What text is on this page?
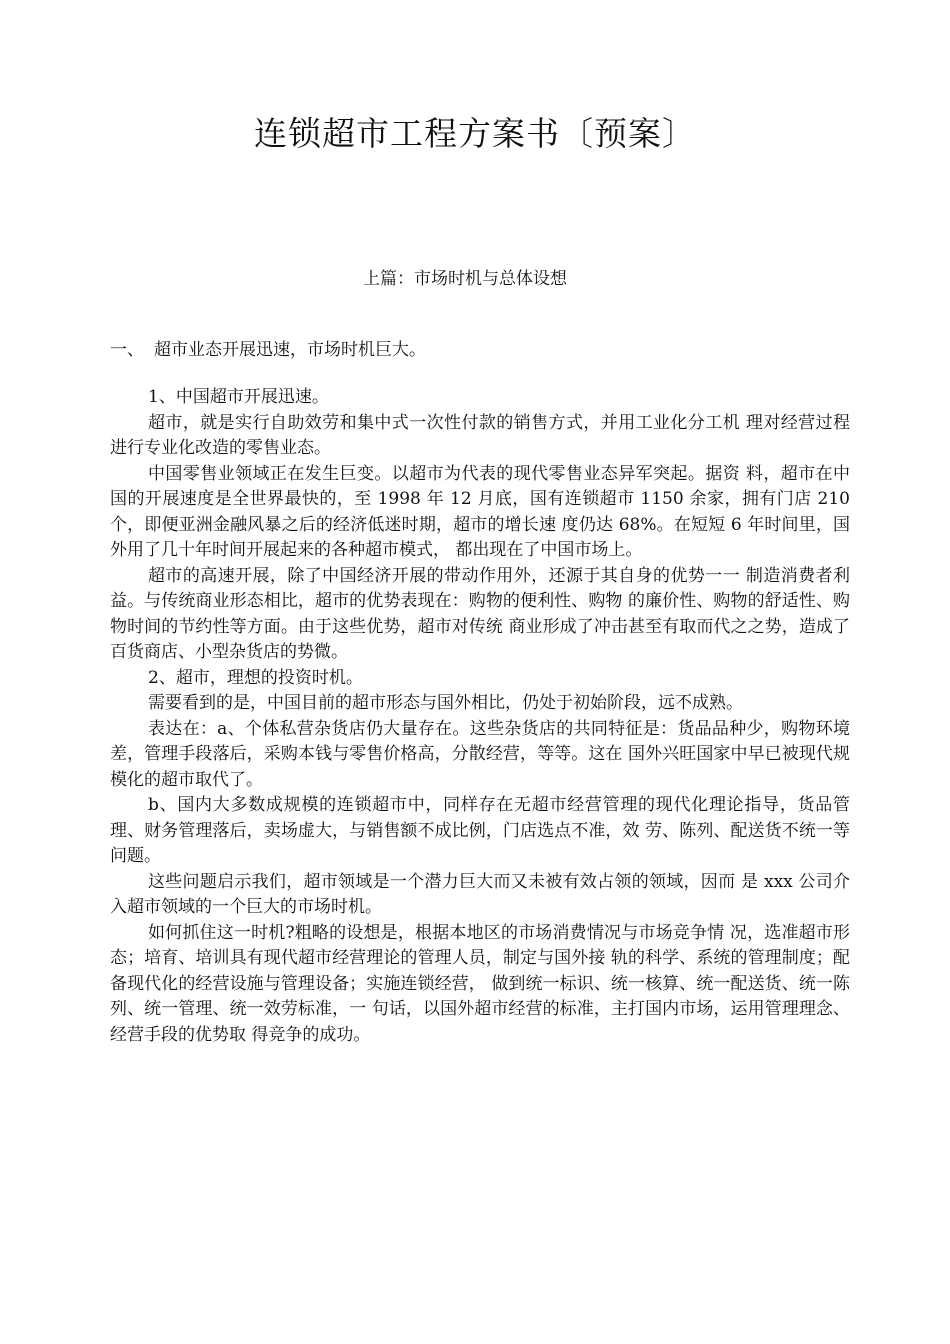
连锁超市工程方案书〔预案〕
上篇：市场时机与总体设想
一、 超市业态开展迅速，市场时机巨大。

1、中国超市开展迅速。

超市，就是实行自助效劳和集中式一次性付款的销售方式，并用工业化分工机 理对经营过程进行专业化改造的零售业态。

中国零售业领域正在发生巨变。以超市为代表的现代零售业态异军突起。据资 料，超市在中国的开展速度是全世界最快的，至 1998 年 12 月底，国有连锁超市 1150 余家，拥有门店 210 个，即便亚洲金融风暴之后的经济低迷时期，超市的增长速 度仍达 68%。在短短 6 年时间里，国外用了几十年时间开展起来的各种超市模式， 都出现在了中国市场上。

超市的高速开展，除了中国经济开展的带动作用外，还源于其自身的优势一一 制造消费者利益。与传统商业形态相比，超市的优势表现在：购物的便利性、购物 的廉价性、购物的舒适性、购物时间的节约性等方面。由于这些优势，超市对传统 商业形成了冲击甚至有取而代之之势，造成了百货商店、小型杂货店的势微。

2、超市，理想的投资时机。

需要看到的是，中国目前的超市形态与国外相比，仍处于初始阶段，远不成熟。

表达在：a、个体私营杂货店仍大量存在。这些杂货店的共同特征是：货品品种少，购物环境差，管理手段落后，采购本钱与零售价格高，分散经营，等等。这在 国外兴旺国家中早已被现代规模化的超市取代了。

b、国内大多数成规模的连锁超市中，同样存在无超市经营管理的现代化理论指导，货品管理、财务管理落后，卖场虚大，与销售额不成比例，门店选点不准，效 劳、陈列、配送货不统一等问题。

这些问题启示我们，超市领域是一个潜力巨大而又未被有效占领的领域，因而 是 xxx 公司介入超市领域的一个巨大的市场时机。

如何抓住这一时机?粗略的设想是，根据本地区的市场消费情况与市场竞争情 况，选准超市形态；培育、培训具有现代超市经营理论的管理人员，制定与国外接 轨的科学、系统的管理制度；配备现代化的经营设施与管理设备；实施连锁经营， 做到统一标识、统一核算、统一配送货、统一陈列、统一管理、统一效劳标准，一 句话，以国外超市经营的标准，主打国内市场，运用管理理念、经营手段的优势取 得竞争的成功。
